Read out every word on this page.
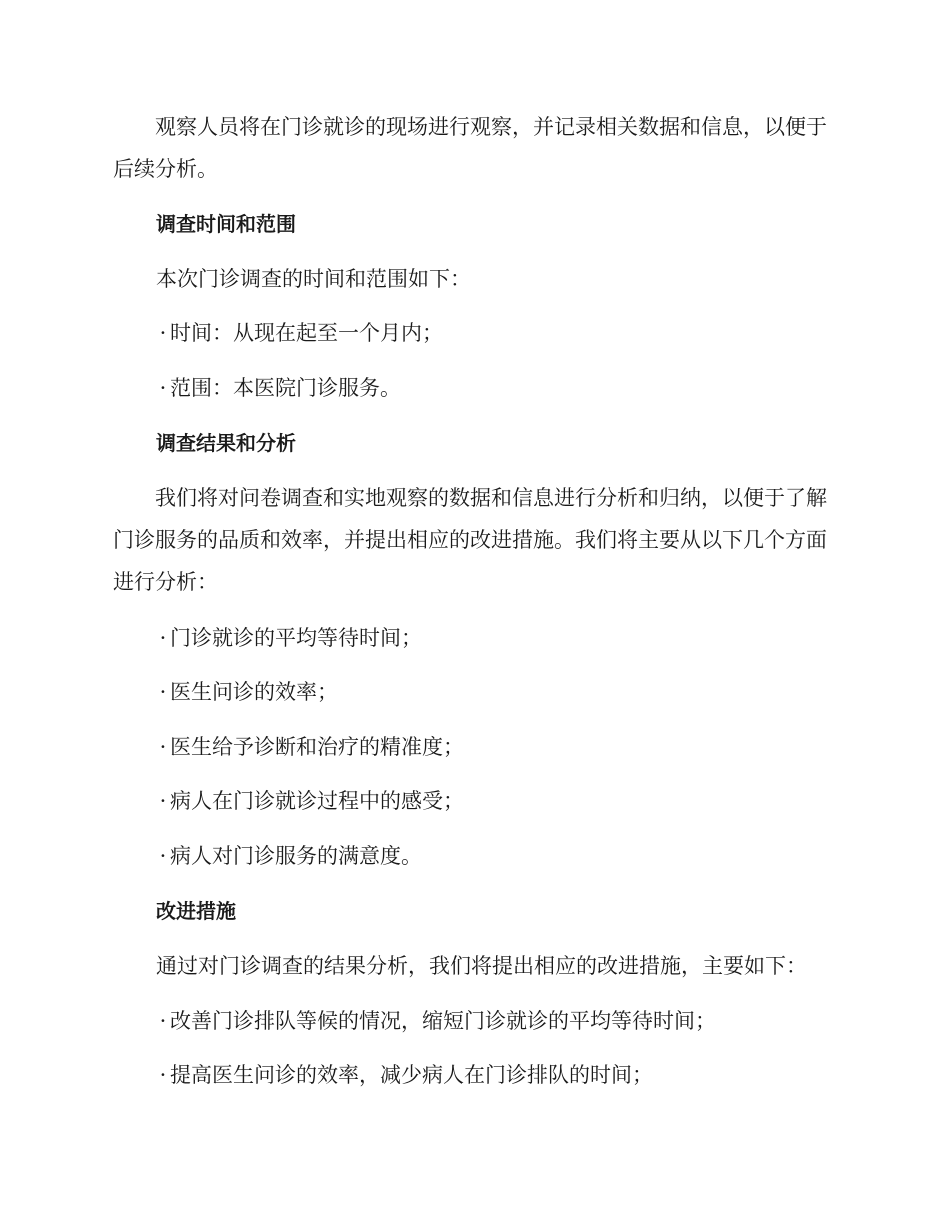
观察人员将在门诊就诊的现场进行观察，并记录相关数据和信息，以便于后续分析。

调查时间和范围

本次门诊调查的时间和范围如下：

· 时间：从现在起至一个月内；

· 范围：本医院门诊服务。

调查结果和分析

我们将对问卷调查和实地观察的数据和信息进行分析和归纳，以便于了解门诊服务的品质和效率，并提出相应的改进措施。我们将主要从以下几个方面进行分析：

· 门诊就诊的平均等待时间；

· 医生问诊的效率；

· 医生给予诊断和治疗的精准度；

· 病人在门诊就诊过程中的感受；

· 病人对门诊服务的满意度。

改进措施

通过对门诊调查的结果分析，我们将提出相应的改进措施，主要如下：

· 改善门诊排队等候的情况，缩短门诊就诊的平均等待时间；

· 提高医生问诊的效率，减少病人在门诊排队的时间；
